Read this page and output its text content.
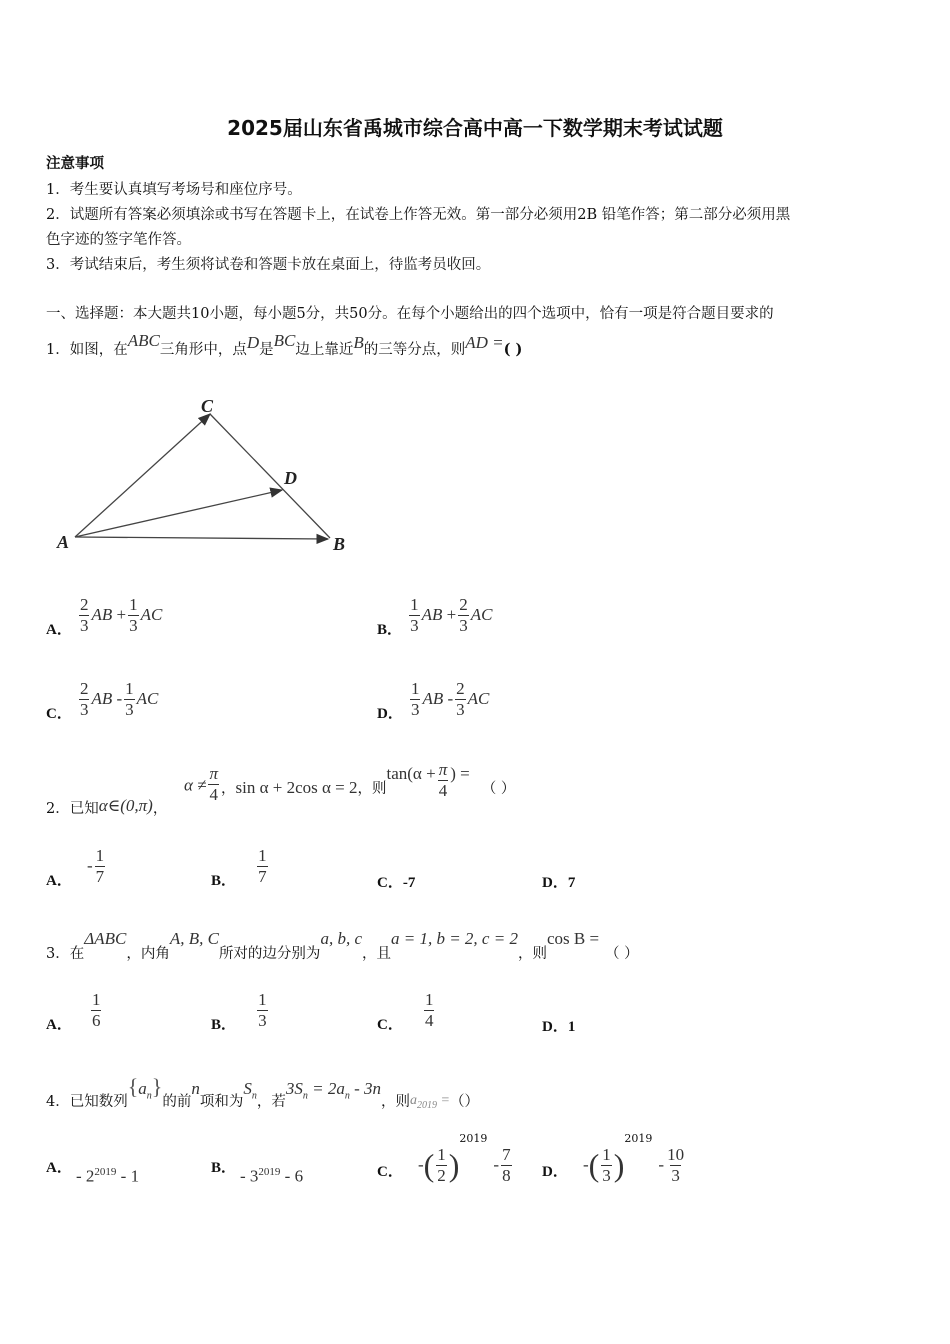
2025届山东省禹城市综合高中高一下数学期末考试试题
注意事项
1．考生要认真填写考场号和座位序号。
2．试题所有答案必须填涂或书写在答题卡上，在试卷上作答无效。第一部分必须用2B 铅笔作答；第二部分必须用黑
色字迹的签字笔作答。
3．考试结束后，考生须将试卷和答题卡放在桌面上，待监考员收回。
一、选择题：本大题共10小题，每小题5分，共50分。在每个小题给出的四个选项中，恰有一项是符合题目要求的
1．如图，在ABC三角形中，点D是BC边上靠近B的三等分点，则AD =( )
C
D
A	B
A． $\frac{2}{3}$ AB + $\frac{1}{3}$ AC
B． $\frac{1}{3}$ AB + $\frac{2}{3}$ AC
C． $\frac{2}{3}$ AB - $\frac{1}{3}$ AC
D． $\frac{1}{3}$ AB - $\frac{2}{3}$ AC
2．已知α∈(0,π)， $\alpha \ne \frac{\pi}{4}$ ，sin α + 2cos α = 2，则$\tan(\alpha + \frac{\pi}{4}$ ) =（ ）
A． - $\frac{1}{7}$	B． $\frac{1}{7}$	C．-7	D．7
3．在ΔABC，内角A, B, C所对的边分别为a, b, c，且a = 1, b = 2, c = 2，则cos B =（ ）
A． $\frac{1}{6}$	B． $\frac{1}{3}$	C． $\frac{1}{4}$	D．1
4．已知数列$\{a_n\}$的前n项和为$S_n$，若$3S_n = 2a_n - 3n$，则$a_{2019}$ =（）
A． - $2^{2019} - 1$	B． - $3^{2019} - 6$	C． -( $\frac{1}{2} )^{2019}- \frac{7}{8}$ D． -( $\frac{1}{3} )^{2019}- \frac{10}{3}$
